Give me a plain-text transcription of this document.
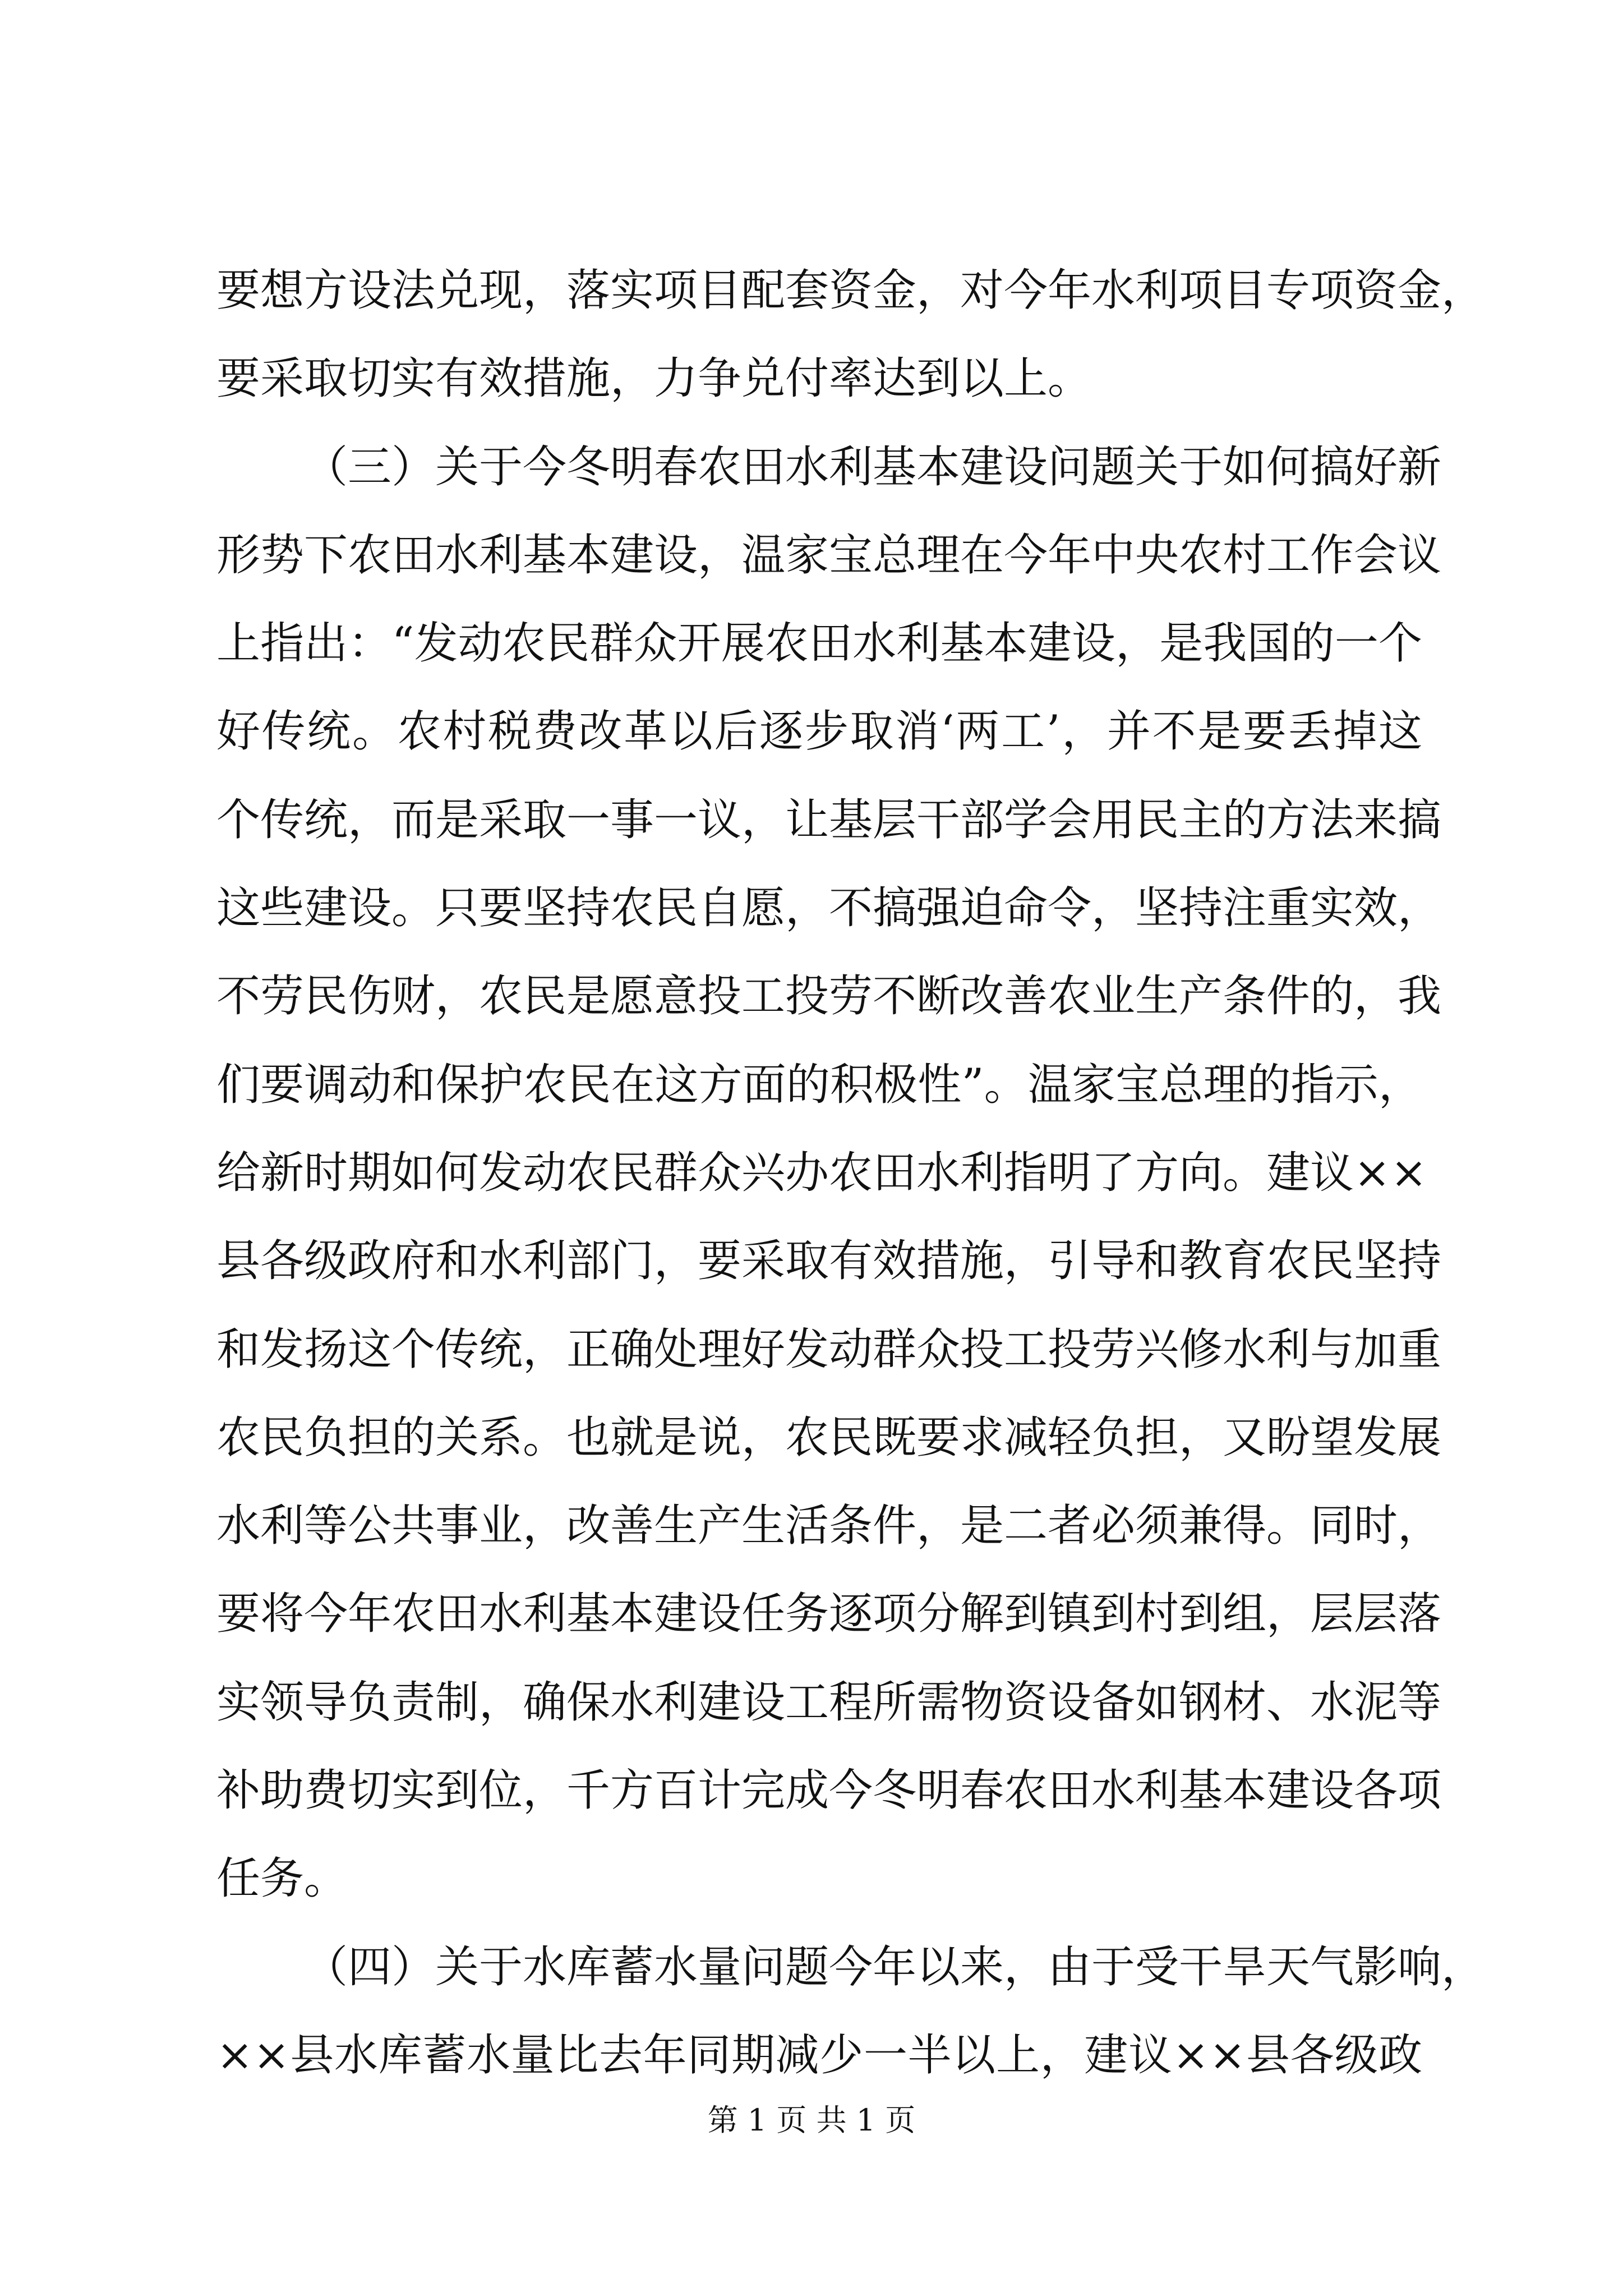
要想方设法兑现，落实项目配套资金，对今年水利项目专项资金，
要采取切实有效措施，力争兑付率达到以上。
（三）关于今冬明春农田水利基本建设问题关于如何搞好新
形势下农田水利基本建设，温家宝总理在今年中央农村工作会议
上指出：“发动农民群众开展农田水利基本建设，是我国的一个
好传统。农村税费改革以后逐步取消‘两工’，并不是要丢掉这
个传统，而是采取一事一议，让基层干部学会用民主的方法来搞
这些建设。只要坚持农民自愿，不搞强迫命令，坚持注重实效，
不劳民伤财，农民是愿意投工投劳不断改善农业生产条件的，我
们要调动和保护农民在这方面的积极性”。温家宝总理的指示，
给新时期如何发动农民群众兴办农田水利指明了方向。建议××
县各级政府和水利部门，要采取有效措施，引导和教育农民坚持
和发扬这个传统，正确处理好发动群众投工投劳兴修水利与加重
农民负担的关系。也就是说，农民既要求减轻负担，又盼望发展
水利等公共事业，改善生产生活条件，是二者必须兼得。同时，
要将今年农田水利基本建设任务逐项分解到镇到村到组，层层落
实领导负责制，确保水利建设工程所需物资设备如钢材、水泥等
补助费切实到位，千方百计完成今冬明春农田水利基本建设各项
任务。
（四）关于水库蓄水量问题今年以来，由于受干旱天气影响，
××县水库蓄水量比去年同期减少一半以上，建议××县各级政
第 1 页 共 1 页
